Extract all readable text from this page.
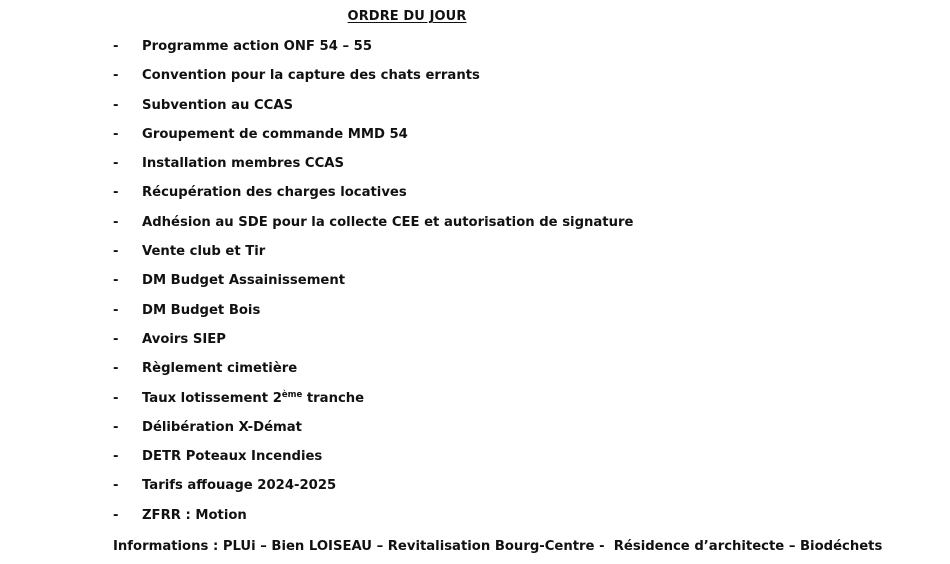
ORDRE DU JOUR
-	Programme action ONF 54 – 55
-	Convention pour la capture des chats errants
-	Subvention au CCAS
-	Groupement de commande MMD 54
-	Installation membres CCAS
-	Récupération des charges locatives
-	Adhésion au SDE pour la collecte CEE et autorisation de signature
-	Vente club et Tir
-	DM Budget Assainissement
-	DM Budget Bois
-	Avoirs SIEP
-	Règlement cimetière
-	Taux lotissement 2ème tranche
-	Délibération X-Démat
-	DETR Poteaux Incendies
-	Tarifs affouage 2024-2025
-	ZFRR : Motion
Informations : PLUi – Bien LOISEAU – Revitalisation Bourg-Centre -  Résidence d’architecte – Biodéchets
